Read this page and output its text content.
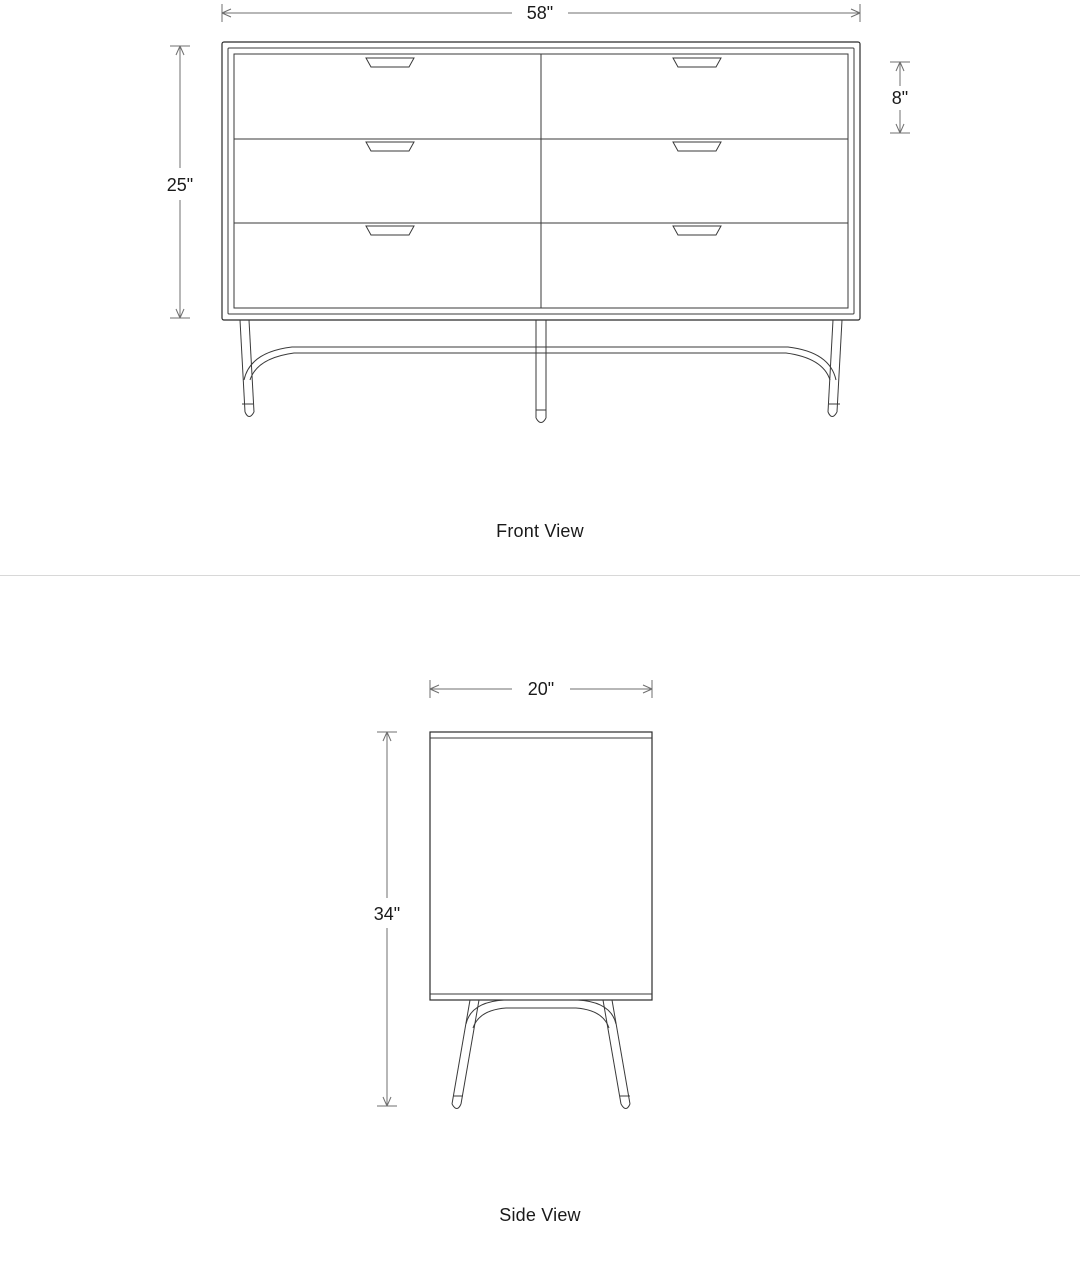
58"
25"
8"
Front View
20"
34"
Side View
